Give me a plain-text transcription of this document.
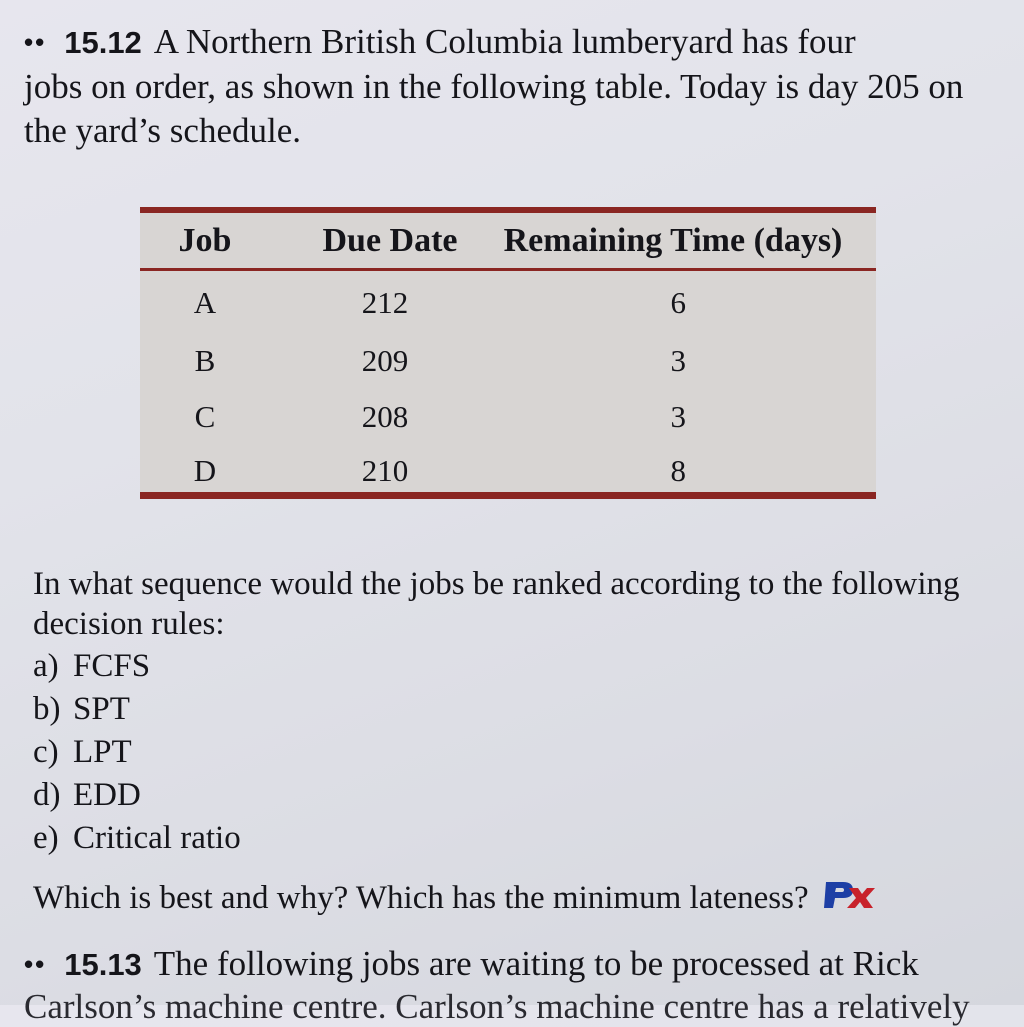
•• 15.12 A Northern British Columbia lumberyard has four
jobs on order, as shown in the following table. Today is day 205 on
the yard’s schedule.
Job	Due Date	Remaining Time (days)
A	212	6
B	209	3
C	208	3
D	210	8
In what sequence would the jobs be ranked according to the following
decision rules:
a) FCFS
b) SPT
c) LPT
d) EDD
e) Critical ratio
Which is best and why? Which has the minimum lateness?
•• 15.13 The following jobs are waiting to be processed at Rick
Carlson’s machine centre. Carlson’s machine centre has a relatively
